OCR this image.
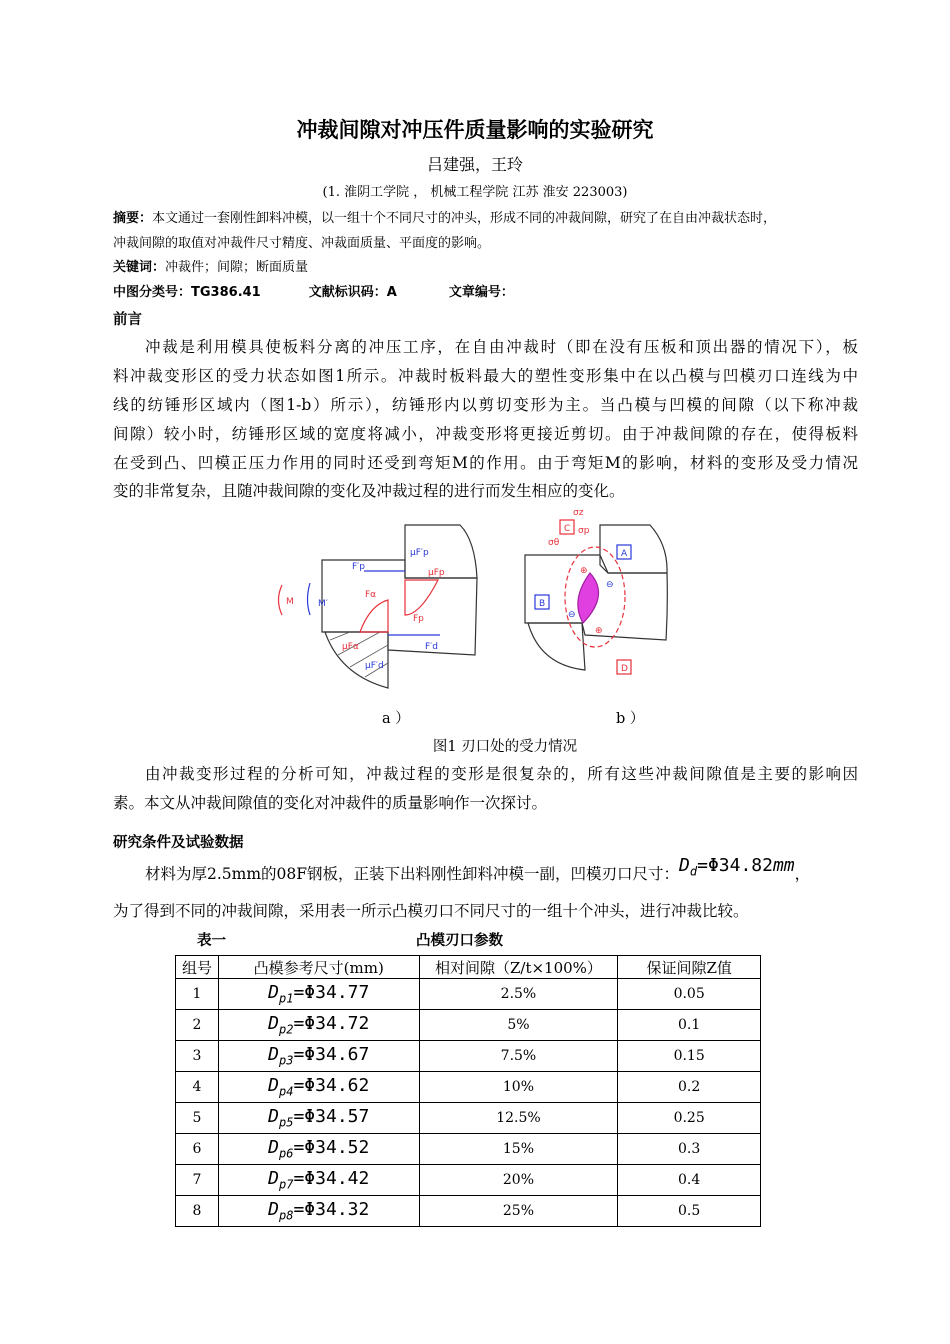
冲裁间隙对冲压件质量影响的实验研究
吕建强，王玲
(1. 淮阴工学院 ， 机械工程学院 江苏 淮安 223003)
摘要：本文通过一套刚性卸料冲模，以一组十个不同尺寸的冲头，形成不同的冲裁间隙，研究了在自由冲裁状态时，
冲裁间隙的取值对冲裁件尺寸精度、冲裁面质量、平面度的影响。
关键词：冲裁件；间隙；断面质量
中图分类号：TG386.41	文献标识码：A	文章编号：
前言
冲裁是利用模具使板料分离的冲压工序，在自由冲裁时（即在没有压板和顶出器的情况下），板
料冲裁变形区的受力状态如图1所示。冲裁时板料最大的塑性变形集中在以凸模与凹模刃口连线为中
线的纺锤形区域内（图1-b）所示），纺锤形内以剪切变形为主。当凸模与凹模的间隙（以下称冲裁
间隙）较小时，纺锤形区域的宽度将减小，冲裁变形将更接近剪切。由于冲裁间隙的存在，使得板料
在受到凸、凹模正压力作用的同时还受到弯矩M的作用。由于弯矩M的影响，材料的变形及受力情况
变的非常复杂，且随冲裁间隙的变化及冲裁过程的进行而发生相应的变化。
M	M′
F′p
μF′p
μFp
Fα
Fp
μFα	F′d
μF′d
C
A
B
D
⊕
⊕
⊖
⊖
σz
σp
σθ
a ）	b ）
图1 刃口处的受力情况
由冲裁变形过程的分析可知，冲裁过程的变形是很复杂的，所有这些冲裁间隙值是主要的影响因
素。本文从冲裁间隙值的变化对冲裁件的质量影响作一次探讨。
研究条件及试验数据
材料为厚2.5mm的08F钢板，正装下出料刚性卸料冲模一副，凹模刃口尺寸：$D_d=\Phi 34.82mm$，
为了得到不同的冲裁间隙，采用表一所示凸模刃口不同尺寸的一组十个冲头，进行冲裁比较。
表一	凸模刃口参数
组号	凸模参考尺寸(mm)	相对间隙（Z/t×100%）	保证间隙Z值
1	$D_{p1}=\Phi 34.77$	2.5%	0.05
2	$D_{p2}=\Phi 34.72$	5%	0.1
3	$D_{p3}=\Phi 34.67$	7.5%	0.15
4	$D_{p4}=\Phi 34.62$	10%	0.2
5	$D_{p5}=\Phi 34.57$	12.5%	0.25
6	$D_{p6}=\Phi 34.52$	15%	0.3
7	$D_{p7}=\Phi 34.42$	20%	0.4
8	$D_{p8}=\Phi 34.32$	25%	0.5
